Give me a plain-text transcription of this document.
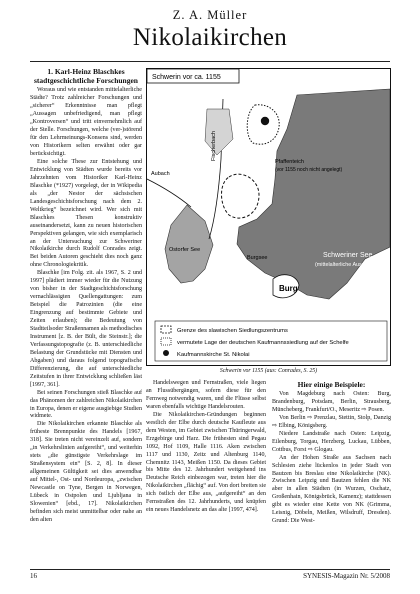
Z. A. Müller
Nikolaikirchen
1. Karl-Heinz Blaschkes stadtgeschichtliche Forschungen

Woraus und wie entstanden mittelalterliche Städte? Trotz zahlreicher Forschungen und „sicherer“ Erkenntnisse man pflegt „Aussagen unbefriedigend, man pflegt „Kontroversen“ und tritt einvernehmlich auf der Stelle. Forschungen, welche (ver-)störend für den Lehrmeinungs-Konsens sind, werden von Historikern selten erwähnt oder gar berücksichtigt.

Eine solche These zur Entstehung und Entwicklung von Städten wurde bereits vor Jahrzehnten vom Historiker Karl-Heinz Blaschke (*1927) vorgelegt, der in Wikipedia als „der Nestor der sächsischen Landesgeschichtsforschung nach dem 2. Weltkrieg“ bezeichnet wird. Wer sich mit Blaschkes Thesen konstruktiv auseinandersetzt, kann zu neuen historischen Perspektiven gelangen, wie sich exemplarisch an der Untersuchung zur Schweriner Nikolaikirche durch Rudolf Conrades zeigt. Bei beiden Autoren geschieht dies noch ganz ohne Chronologiekritik.

Blaschke [im Folg. zit. als 1967, S. 2 und 1997] plädiert immer wieder für die Nutzung von bisher in der Stadtgeschichtsforschung vernachlässigten Quellengattungen: zum Beispiel die Patrozinien (die eine Eingrenzung auf bestimmte Gebiete und Zeiten erlauben); die Bedeutung von Stadtteilsoder Straßennamen als methodisches Instrument [z. B. der Bült, die Steinstr.]; die Verfassungstopografie (z. B. unterschiedliche Belastung der Grundstücke mit Diensten und Abgaben) und daraus folgend topografische Differenzierung, die auf unterschiedliche Zeitstufen in ihrer Entwicklung schließen läst [1997, 361].

Bei seinen Forschungen stieß Blaschke auf das Phänomen der zahlreichen Nikolaikirchen in Europa, denen er eigene ausgiebige Studien widmete.

Die Nikolaikirchen erkannte Blaschke als früheste Brennpunkte des Handels [1967, 318]. Sie treten nicht vereinzelt auf, sondern „in Verkehrslinien aufgereiht“, und weiterhin stets „die günstigste Verkehrslage im Straßensystem ein“ [S. 2, 8]. In dieser allgemeinen Gültigkeit sei dies anwendbar auf Mittel-, Ost- und Nordeuropa, „zwischen Newcastle on Tyne, Bergen in Norwegen, Lübeck in Ostpolen und Ljubljana in Slowenien“ [ebd., 17]. Nikolaikirchen befinden sich meist unmittelbar oder nahe an den alten

Schwerin vor ca. 1155
Burg
Schweriner See
(mittelalterliche Ausdehnung)
Ostorfer See
Burgsee
Pfaffenteich
(vor 1155 noch nicht angelegt)
Aubach
Fischerbach
Grenze des slawischen Siedlungszentrums
vermutete Lage der deutschen Kaufmannssiedlung auf der Schelfe
Kaufmannskirche St. Nikolai
Schwerin vor 1155 (aus: Conrades, S. 25)

Handelswegen und Fernstraßen, viele liegen an Flussübergängen, sofern diese für den Fernweg notwendig waren, und die Flüsse selbst waren ebenfalls wichtige Handelsrouten.

Die Nikolaikirchen-Gründungen beginnen westlich der Elbe durch deutsche Kaufleute aus dem Westen, im Gebiet zwischen Thüringerwald, Erzgebirge und Harz. Die frühesten sind Pegau 1092, Hof 1109, Halle 1116. Aken zwischen 1117 und 1130, Zeitz und Altenburg 1140, Chemnitz 1143, Meißen 1150. Da dieses Gebiet bis Mitte des 12. Jahrhundert weitgehend ins Deutsche Reich einbezogen war, treten hier die Nikolaikirchen „flächig“ auf. Von dort breiten sie sich östlich der Elbe aus, „aufgereiht“ an den Fernstraßen des 12. Jahrhunderts, und knüpfen ein neues Handelsnetz an das alte [1997, 474].

Hier einige Beispiele:

Von Magdeburg nach Osten: Burg, Brandenburg, Potsdam, Berlin, Strausberg, Müncheberg, Frankfurt/O., Meseritz ⇨ Posen.

Von Berlin ⇨ Prenzlau, Stettin, Stolp, Danzig ⇨ Elbing, Königsberg.

Niedere Landstraße nach Osten: Leipzig, Eilenburg, Torgau, Herzberg, Luckau, Lübben, Cottbus, Forst ⇨ Glogau.

An der Hohen Straße aus Sachsen nach Schlesien ziehe lückenlos in jeder Stadt von Bautzen bis Breslau eine Nikolaikirche (NK). Zwischen Leipzig und Bautzen fehlen die NK aber in allen Städten (in Wurzen, Oschatz, Großenhain, Königsbrück, Kamenz); stattdessen gibt es wieder eine Kette von NK (Grimma, Leisnig, Döbeln, Meißen, Wilsdruff, Dresden). Grund: Die West-

16	SYNESIS-Magazin Nr. 5/2008
